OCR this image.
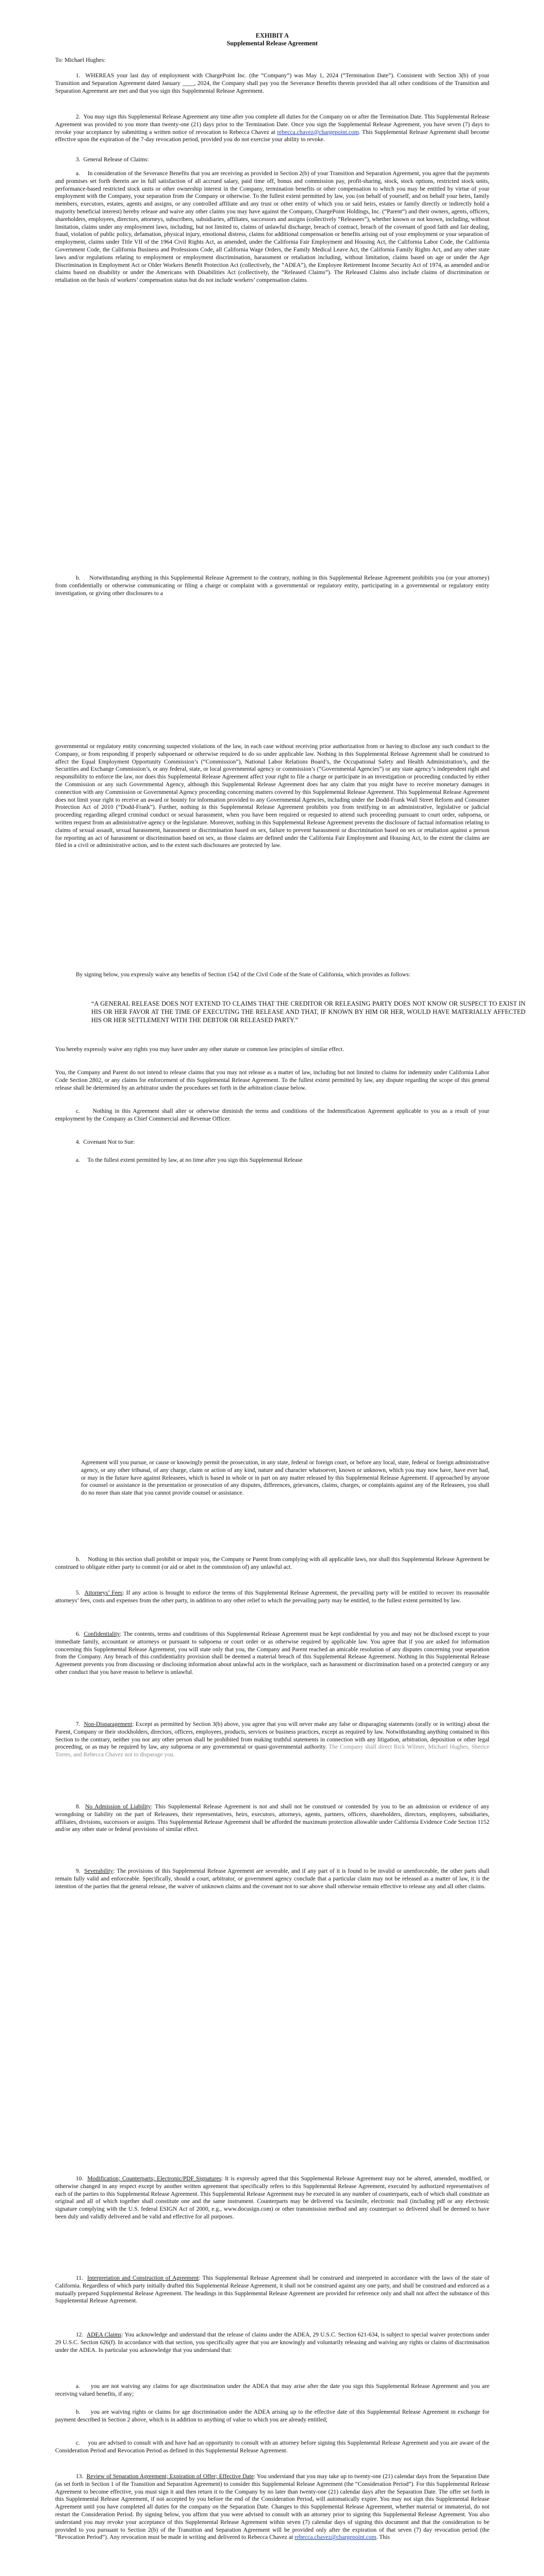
EXHIBIT A
Supplemental Release Agreement
To: Michael Hughes:
1.  WHEREAS your last day of employment with ChargePoint Inc. (the “Company”) was May 1, 2024 (“Termination Date”). Consistent with Section 3(b) of your Transition and Separation Agreement dated January ____, 2024, the Company shall pay you the Severance Benefits therein provided that all other conditions of the Transition and Separation Agreement are met and that you sign this Supplemental Release Agreement.
2.  You may sign this Supplemental Release Agreement any time after you complete all duties for the Company on or after the Termination Date. This Supplemental Release Agreement was provided to you more than twenty-one (21) days prior to the Termination Date. Once you sign the Supplemental Release Agreement, you have seven (7) days to revoke your acceptance by submitting a written notice of revocation to Rebecca Chavez at rebecca.chavez@chargepoint.com. This Supplemental Release Agreement shall become effective upon the expiration of the 7-day revocation period, provided you do not exercise your ability to revoke.
3.  General Release of Claims:
a.     In consideration of the Severance Benefits that you are receiving as provided in Section 2(b) of your Transition and Separation Agreement, you agree that the payments and promises set forth therein are in full satisfaction of all accrued salary, paid time off, bonus and commission pay, profit-sharing, stock, stock options, restricted stock units, performance-based restricted stock units or other ownership interest in the Company, termination benefits or other compensation to which you may be entitled by virtue of your employment with the Company, your separation from the Company or otherwise. To the fullest extent permitted by law, you (on behalf of yourself, and on behalf your heirs, family members, executors, estates, agents and assigns, or any controlled affiliate and any trust or other entity of which you or said heirs, estates or family directly or indirectly hold a majority beneficial interest) hereby release and waive any other claims you may have against the Company, ChargePoint Holdings, Inc. (“Parent”) and their owners, agents, officers, shareholders, employees, directors, attorneys, subscribers, subsidiaries, affiliates, successors and assigns (collectively “Releasees”), whether known or not known, including, without limitation, claims under any employment laws, including, but not limited to, claims of unlawful discharge, breach of contract, breach of the covenant of good faith and fair dealing, fraud, violation of public policy, defamation, physical injury, emotional distress, claims for additional compensation or benefits arising out of your employment or your separation of employment, claims under Title VII of the 1964 Civil Rights Act, as amended, under the California Fair Employment and Housing Act, the California Labor Code, the California Government Code, the California Business and Professions Code, all California Wage Orders, the Family Medical Leave Act, the California Family Rights Act, and any other state laws and/or regulations relating to employment or employment discrimination, harassment or retaliation including, without limitation, claims based on age or under the Age Discrimination in Employment Act or Older Workers Benefit Protection Act (collectively, the “ADEA”), the Employee Retirement Income Security Act of 1974, as amended and/or claims based on disability or under the Americans with Disabilities Act (collectively, the “Released Claims”). The Released Claims also include claims of discrimination or retaliation on the basis of workers’ compensation status but do not include workers’ compensation claims.
b.     Notwithstanding anything in this Supplemental Release Agreement to the contrary, nothing in this Supplemental Release Agreement prohibits you (or your attorney) from confidentially or otherwise communicating or filing a charge or complaint with a governmental or regulatory entity, participating in a governmental or regulatory entity investigation, or giving other disclosures to a
governmental or regulatory entity concerning suspected violations of the law, in each case without receiving prior authorization from or having to disclose any such conduct to the Company, or from responding if properly subpoenaed or otherwise required to do so under applicable law. Nothing in this Supplemental Release Agreement shall be construed to affect the Equal Employment Opportunity Commission’s (“Commission”), National Labor Relations Board’s, the Occupational Safety and Health Administration’s, and the Securities and Exchange Commission’s, or any federal, state, or local governmental agency or commission’s (“Governmental Agencies”) or any state agency’s independent right and responsibility to enforce the law, nor does this Supplemental Release Agreement affect your right to file a charge or participate in an investigation or proceeding conducted by either the Commission or any such Governmental Agency, although this Supplemental Release Agreement does bar any claim that you might have to receive monetary damages in connection with any Commission or Governmental Agency proceeding concerning matters covered by this Supplemental Release Agreement. This Supplemental Release Agreement does not limit your right to receive an award or bounty for information provided to any Governmental Agencies, including under the Dodd-Frank Wall Street Reform and Consumer Protection Act of 2010 (“Dodd-Frank”). Further, nothing in this Supplemental Release Agreement prohibits you from testifying in an administrative, legislative or judicial proceeding regarding alleged criminal conduct or sexual harassment, when you have been required or requested to attend such proceeding pursuant to court order, subpoena, or written request from an administrative agency or the legislature. Moreover, nothing in this Supplemental Release Agreement prevents the disclosure of factual information relating to claims of sexual assault, sexual harassment, harassment or discrimination based on sex, failure to prevent harassment or discrimination based on sex or retaliation against a person for reporting an act of harassment or discrimination based on sex, as those claims are defined under the California Fair Employment and Housing Act, to the extent the claims are filed in a civil or administrative action, and to the extent such disclosures are protected by law.
By signing below, you expressly waive any benefits of Section 1542 of the Civil Code of the State of California, which provides as follows:
“A GENERAL RELEASE DOES NOT EXTEND TO CLAIMS THAT THE CREDITOR OR RELEASING PARTY DOES NOT KNOW OR SUSPECT TO EXIST IN HIS OR HER FAVOR AT THE TIME OF EXECUTING THE RELEASE AND THAT, IF KNOWN BY HIM OR HER, WOULD HAVE MATERIALLY AFFECTED HIS OR HER SETTLEMENT WITH THE DEBTOR OR RELEASED PARTY.”
You hereby expressly waive any rights you may have under any other statute or common law principles of similar effect.
You, the Company and Parent do not intend to release claims that you may not release as a matter of law, including but not limited to claims for indemnity under California Labor Code Section 2802, or any claims for enforcement of this Supplemental Release Agreement. To the fullest extent permitted by law, any dispute regarding the scope of this general release shall be determined by an arbitrator under the procedures set forth in the arbitration clause below.
c.     Nothing in this Agreement shall alter or otherwise diminish the terms and conditions of the Indemnification Agreement applicable to you as a result of your employment by the Company as Chief Commercial and Revenue Officer.
4.  Covenant Not to Sue:
a.     To the fullest extent permitted by law, at no time after you sign this Supplemental Release
Agreement will you pursue, or cause or knowingly permit the prosecution, in any state, federal or foreign court, or before any local, state, federal or foreign administrative agency, or any other tribunal, of any charge, claim or action of any kind, nature and character whatsoever, known or unknown, which you may now have, have ever had, or may in the future have against Releasees, which is based in whole or in part on any matter released by this Supplemental Release Agreement. If approached by anyone for counsel or assistance in the presentation or prosecution of any disputes, differences, grievances, claims, charges, or complaints against any of the Releasees, you shall do no more than state that you cannot provide counsel or assistance.
b.     Nothing in this section shall prohibit or impair you, the Company or Parent from complying with all applicable laws, nor shall this Supplemental Release Agreement be construed to obligate either party to commit (or aid or abet in the commission of) any unlawful act.
5.  Attorneys’ Fees: If any action is brought to enforce the terms of this Supplemental Release Agreement, the prevailing party will be entitled to recover its reasonable attorneys’ fees, costs and expenses from the other party, in addition to any other relief to which the prevailing party may be entitled, to the fullest extent permitted by law.
6.  Confidentiality: The contents, terms and conditions of this Supplemental Release Agreement must be kept confidential by you and may not be disclosed except to your immediate family, accountant or attorneys or pursuant to subpoena or court order or as otherwise required by applicable law. You agree that if you are asked for information concerning this Supplemental Release Agreement, you will state only that you, the Company and Parent reached an amicable resolution of any disputes concerning your separation from the Company. Any breach of this confidentiality provision shall be deemed a material breach of this Supplemental Release Agreement. Nothing in this Supplemental Release Agreement prevents you from discussing or disclosing information about unlawful acts in the workplace, such as harassment or discrimination based on a protected category or any other conduct that you have reason to believe is unlawful.
7.  Non-Disparagement: Except as permitted by Section 3(b) above, you agree that you will never make any false or disparaging statements (orally or in writing) about the Parent, Company or their stockholders, directors, officers, employees, products, services or business practices, except as required by law. Notwithstanding anything contained in this Section to the contrary, neither you nor any other person shall be prohibited from making truthful statements in connection with any litigation, arbitration, deposition or other legal proceeding, or as may be required by law, any subpoena or any governmental or quasi-governmental authority. The Company shall direct Rick Wilmer, Michael Hughes, Sherice Torres, and Rebecca Chavez not to disparage you.
8.  No Admission of Liability: This Supplemental Release Agreement is not and shall not be construed or contended by you to be an admission or evidence of any wrongdoing or liability on the part of Releasees, their representatives, heirs, executors, attorneys, agents, partners, officers, shareholders, directors, employees, subsidiaries, affiliates, divisions, successors or assigns. This Supplemental Release Agreement shall be afforded the maximum protection allowable under California Evidence Code Section 1152 and/or any other state or federal provisions of similar effect.
9.  Severability: The provisions of this Supplemental Release Agreement are severable, and if any part of it is found to be invalid or unenforceable, the other parts shall remain fully valid and enforceable. Specifically, should a court, arbitrator, or government agency conclude that a particular claim may not be released as a matter of law, it is the intention of the parties that the general release, the waiver of unknown claims and the covenant not to sue above shall otherwise remain effective to release any and all other claims.
10.  Modification; Counterparts; Electronic/PDF Signatures: It is expressly agreed that this Supplemental Release Agreement may not be altered, amended, modified, or otherwise changed in any respect except by another written agreement that specifically refers to this Supplemental Release Agreement, executed by authorized representatives of each of the parties to this Supplemental Release Agreement. This Supplemental Release Agreement may be executed in any number of counterparts, each of which shall constitute an original and all of which together shall constitute one and the same instrument. Counterparts may be delivered via facsimile, electronic mail (including pdf or any electronic signature complying with the U.S. federal ESIGN Act of 2000, e.g., www.docusign.com) or other transmission method and any counterpart so delivered shall be deemed to have been duly and validly delivered and be valid and effective for all purposes.
11.  Interpretation and Construction of Agreement: This Supplemental Release Agreement shall be construed and interpreted in accordance with the laws of the state of California. Regardless of which party initially drafted this Supplemental Release Agreement, it shall not be construed against any one party, and shall be construed and enforced as a mutually prepared Supplemental Release Agreement. The headings in this Supplemental Release Agreement are provided for reference only and shall not affect the substance of this Supplemental Release Agreement.
12.  ADEA Claims: You acknowledge and understand that the release of claims under the ADEA, 29 U.S.C. Section 621-634, is subject to special waiver protections under 29 U.S.C. Section 626(f). In accordance with that section, you specifically agree that you are knowingly and voluntarily releasing and waiving any rights or claims of discrimination under the ADEA. In particular you acknowledge that you understand that:
a.     you are not waiving any claims for age discrimination under the ADEA that may arise after the date you sign this Supplemental Release Agreement and you are receiving valued benefits, if any;
b.     you are waiving rights or claims for age discrimination under the ADEA arising up to the effective date of this Supplemental Release Agreement in exchange for payment described in Section 2 above, which is in addition to anything of value to which you are already entitled;
c.     you are advised to consult with and have had an opportunity to consult with an attorney before signing this Supplemental Release Agreement and you are aware of the Consideration Period and Revocation Period as defined in this Supplemental Release Agreement.
13.  Review of Separation Agreement; Expiration of Offer; Effective Date: You understand that you may take up to twenty-one (21) calendar days from the Separation Date (as set forth in Section 1 of the Transition and Separation Agreement) to consider this Supplemental Release Agreement (the “Consideration Period”). For this Supplemental Release Agreement to become effective, you must sign it and then return it to the Company by no later than twenty-one (21) calendar days after the Separation Date. The offer set forth in this Supplemental Release Agreement, if not accepted by you before the end of the Consideration Period, will automatically expire. You may not sign this Supplemental Release Agreement until you have completed all duties for the company on the Separation Date. Changes to this Supplemental Release Agreement, whether material or immaterial, do not restart the Consideration Period. By signing below, you affirm that you were advised to consult with an attorney prior to signing this Supplemental Release Agreement. You also understand you may revoke your acceptance of this Supplemental Release Agreement within seven (7) calendar days of signing this document and that the consideration to be provided to you pursuant to Section 2(b) of the Transition and Separation Agreement will be provided only after the expiration of that seven (7) day revocation period (the “Revocation Period”). Any revocation must be made in writing and delivered to Rebecca Chavez at rebecca.chavez@chargepoint.com. This
